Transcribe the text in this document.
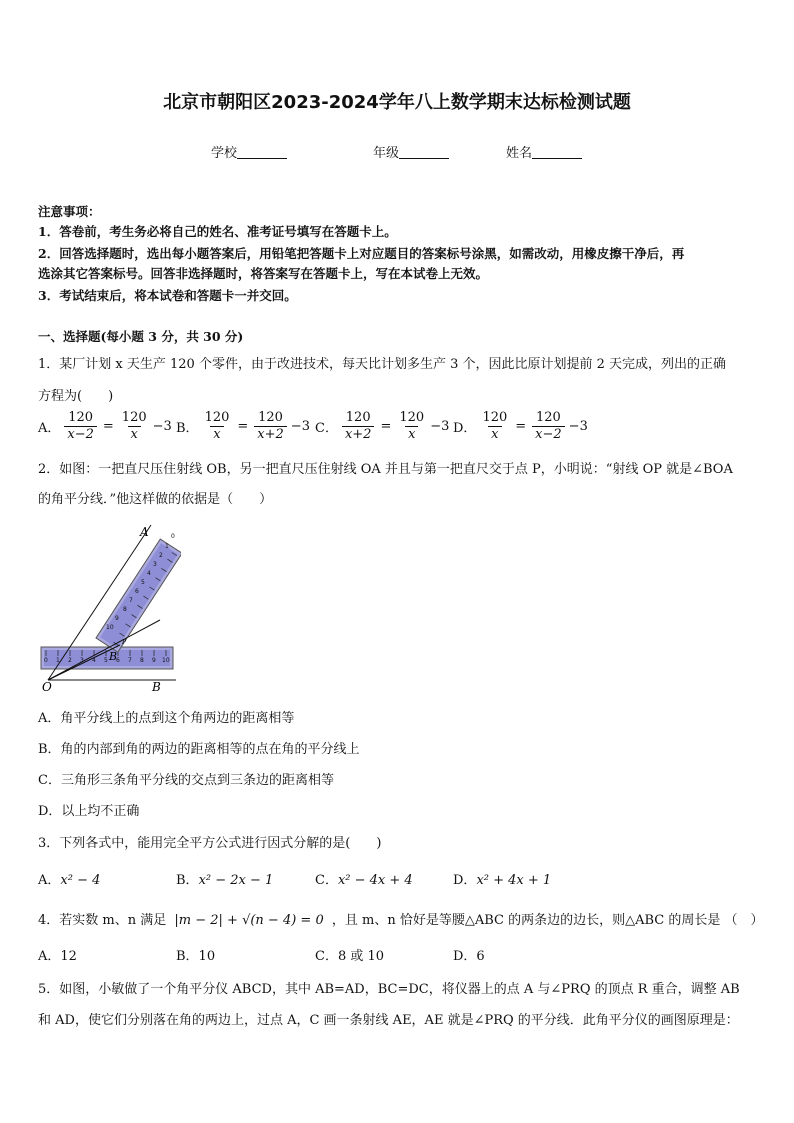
北京市朝阳区2023-2024学年八上数学期末达标检测试题
学校	年级	姓名
注意事项：
1．答卷前，考生务必将自己的姓名、准考证号填写在答题卡上。
2．回答选择题时，选出每小题答案后，用铅笔把答题卡上对应题目的答案标号涂黑，如需改动，用橡皮擦干净后，再
选涂其它答案标号。回答非选择题时，将答案写在答题卡上，写在本试卷上无效。
3．考试结束后，将本试卷和答题卡一并交回。
一、选择题(每小题 3 分，共 30 分)
1．某厂计划 x 天生产 120 个零件，由于改进技术，每天比计划多生产 3 个，因此比原计划提前 2 天完成，列出的正确
方程为(　　)
A． $\frac{120}{x-2} = \frac{120}{x} -3$ B． $\frac{120}{x} = \frac{120}{x+2} -3$ C． $\frac{120}{x+2} = \frac{120}{x} -3$ D． $\frac{120}{x} = \frac{120}{x-2} -3$
2．如图：一把直尺压住射线 OB，另一把直尺压住射线 OA 并且与第一把直尺交于点 P，小明说：“射线 OP 就是∠BOA
的角平分线．”他这样做的依据是（　　）
0 1 2 3 4 5 6 7 8 9 10
0
1
2
3
4
5
6
7
8
9
10
A
O	B
B
P
A．角平分线上的点到这个角两边的距离相等
B．角的内部到角的两边的距离相等的点在角的平分线上
C．三角形三条角平分线的交点到三条边的距离相等
D．以上均不正确
3．下列各式中，能用完全平方公式进行因式分解的是(　　)
A．x² − 4	B．x² − 2x − 1	C．x² − 4x + 4	D．x² + 4x + 1
4．若实数 m、n 满足 |m − 2| + √(n − 4) = 0 ，且 m、n 恰好是等腰△ABC 的两条边的边长，则△ABC 的周长是 （　）
A．12	B．10	C．8 或 10	D．6
5．如图，小敏做了一个角平分仪 ABCD，其中 AB=AD，BC=DC，将仪器上的点 A 与∠PRQ 的顶点 R 重合，调整 AB
和 AD，使它们分别落在角的两边上，过点 A，C 画一条射线 AE，AE 就是∠PRQ 的平分线．此角平分仪的画图原理是：
